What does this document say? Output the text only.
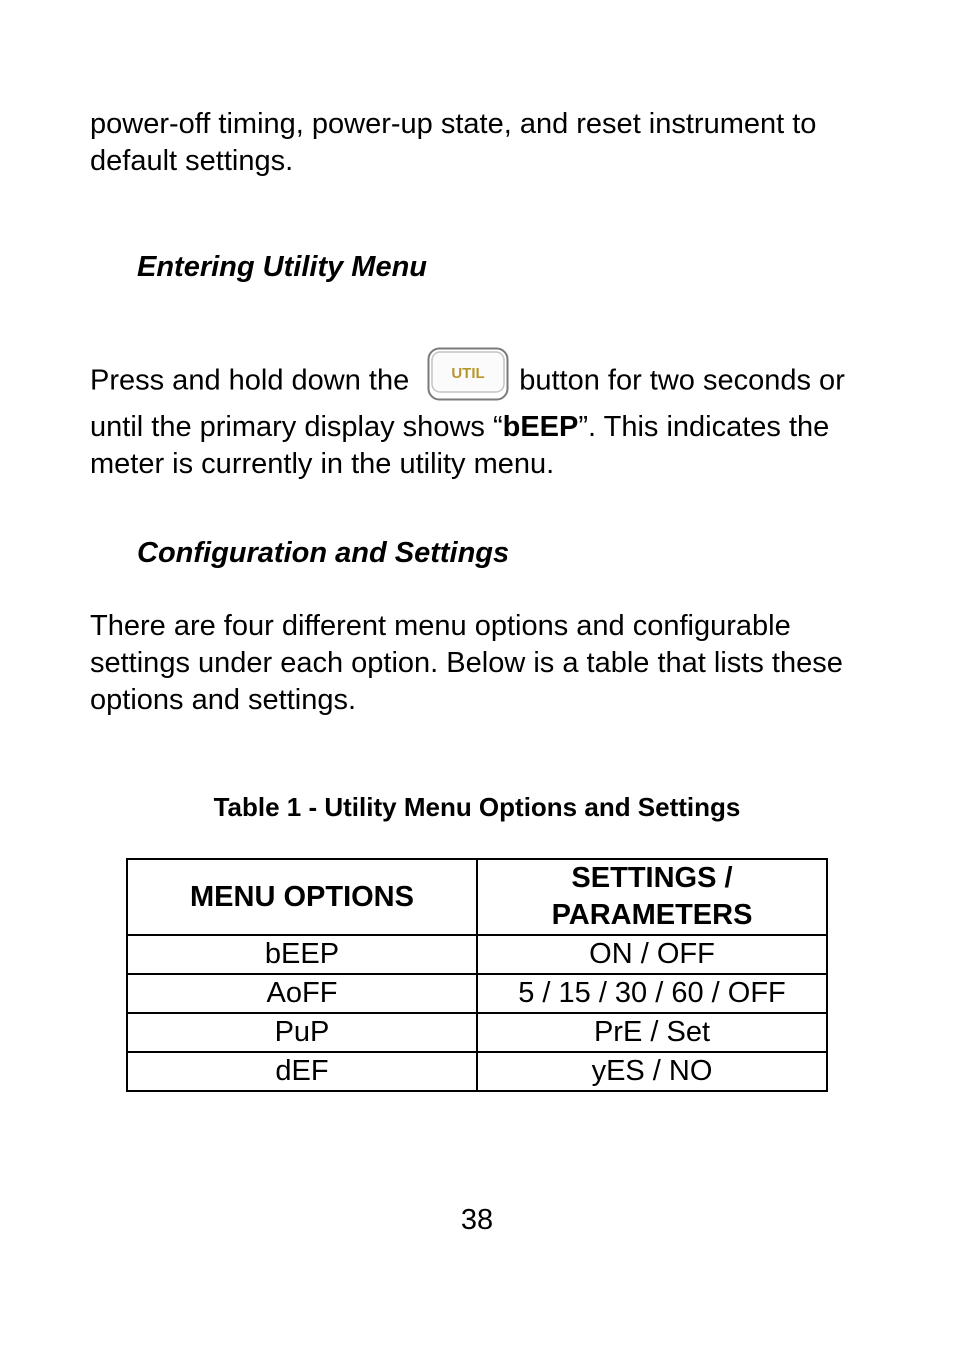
power-off timing, power-up state, and reset instrument to default settings.

Entering Utility Menu

Press and hold down the	UTIL button for two seconds or until the primary display shows “bEEP”. This indicates the meter is currently in the utility menu.

Configuration and Settings

There are four different menu options and configurable settings under each option. Below is a table that lists these options and settings.

Table 1 - Utility Menu Options and Settings

MENU OPTIONS	SETTINGS / PARAMETERS
bEEP	ON / OFF
AoFF	5 / 15 / 30 / 60 / OFF
PuP	PrE / Set
dEF	yES / NO

38
